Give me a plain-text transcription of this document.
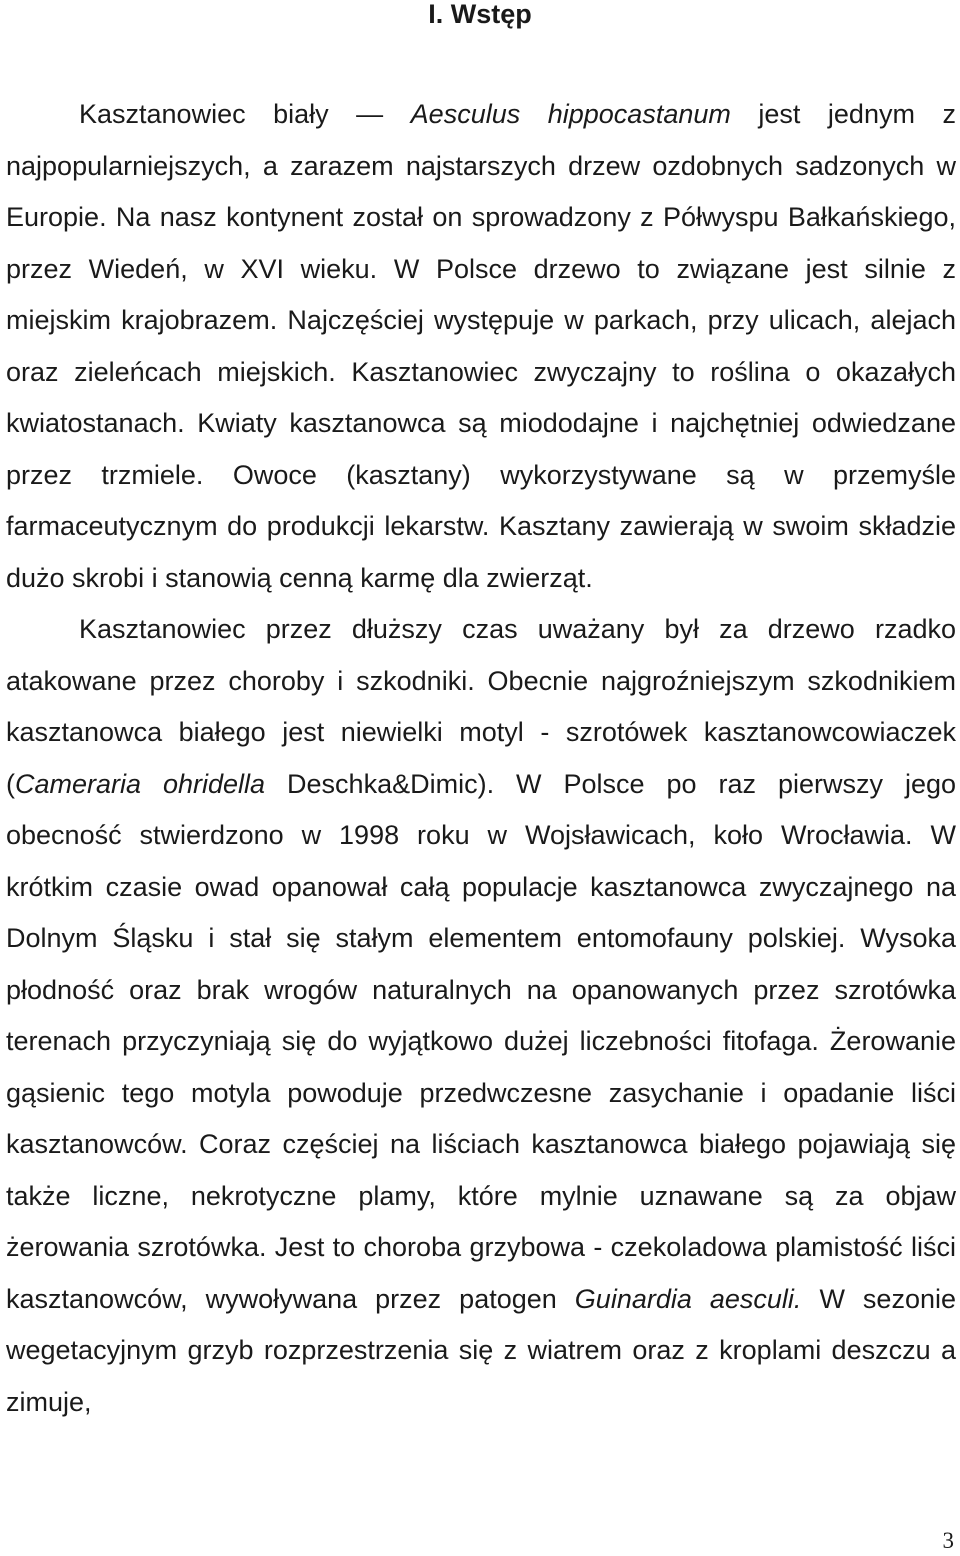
I. Wstęp

Kasztanowiec biały — Aesculus hippocastanum jest jednym z najpopularniejszych, a zarazem najstarszych drzew ozdobnych sadzonych w Europie. Na nasz kontynent został on sprowadzony z Półwyspu Bałkańskiego, przez Wiedeń, w XVI wieku. W Polsce drzewo to związane jest silnie z miejskim krajobrazem. Najczęściej występuje w parkach, przy ulicach, alejach oraz zieleńcach miejskich. Kasztanowiec zwyczajny to roślina o okazałych kwiatostanach. Kwiaty kasztanowca są miododajne i najchętniej odwiedzane przez trzmiele. Owoce (kasztany) wykorzystywane są w przemyśle farmaceutycznym do produkcji lekarstw. Kasztany zawierają w swoim składzie dużo skrobi i stanowią cenną karmę dla zwierząt.

Kasztanowiec przez dłuższy czas uważany był za drzewo rzadko atakowane przez choroby i szkodniki. Obecnie najgroźniejszym szkodnikiem kasztanowca białego jest niewielki motyl - szrotówek kasztanowcowiaczek (Cameraria ohridella Deschka&Dimic). W Polsce po raz pierwszy jego obecność stwierdzono w 1998 roku w Wojsławicach, koło Wrocławia. W krótkim czasie owad opanował całą populacje kasztanowca zwyczajnego na Dolnym Śląsku i stał się stałym elementem entomofauny polskiej. Wysoka płodność oraz brak wrogów naturalnych na opanowanych przez szrotówka terenach przyczyniają się do wyjątkowo dużej liczebności fitofaga. Żerowanie gąsienic tego motyla powoduje przedwczesne zasychanie i opadanie liści kasztanowców. Coraz częściej na liściach kasztanowca białego pojawiają się także liczne, nekrotyczne plamy, które mylnie uznawane są za objaw żerowania szrotówka. Jest to choroba grzybowa - czekoladowa plamistość liści kasztanowców, wywoływana przez patogen Guinardia aesculi. W sezonie wegetacyjnym grzyb rozprzestrzenia się z wiatrem oraz z kroplami deszczu a zimuje,

3
